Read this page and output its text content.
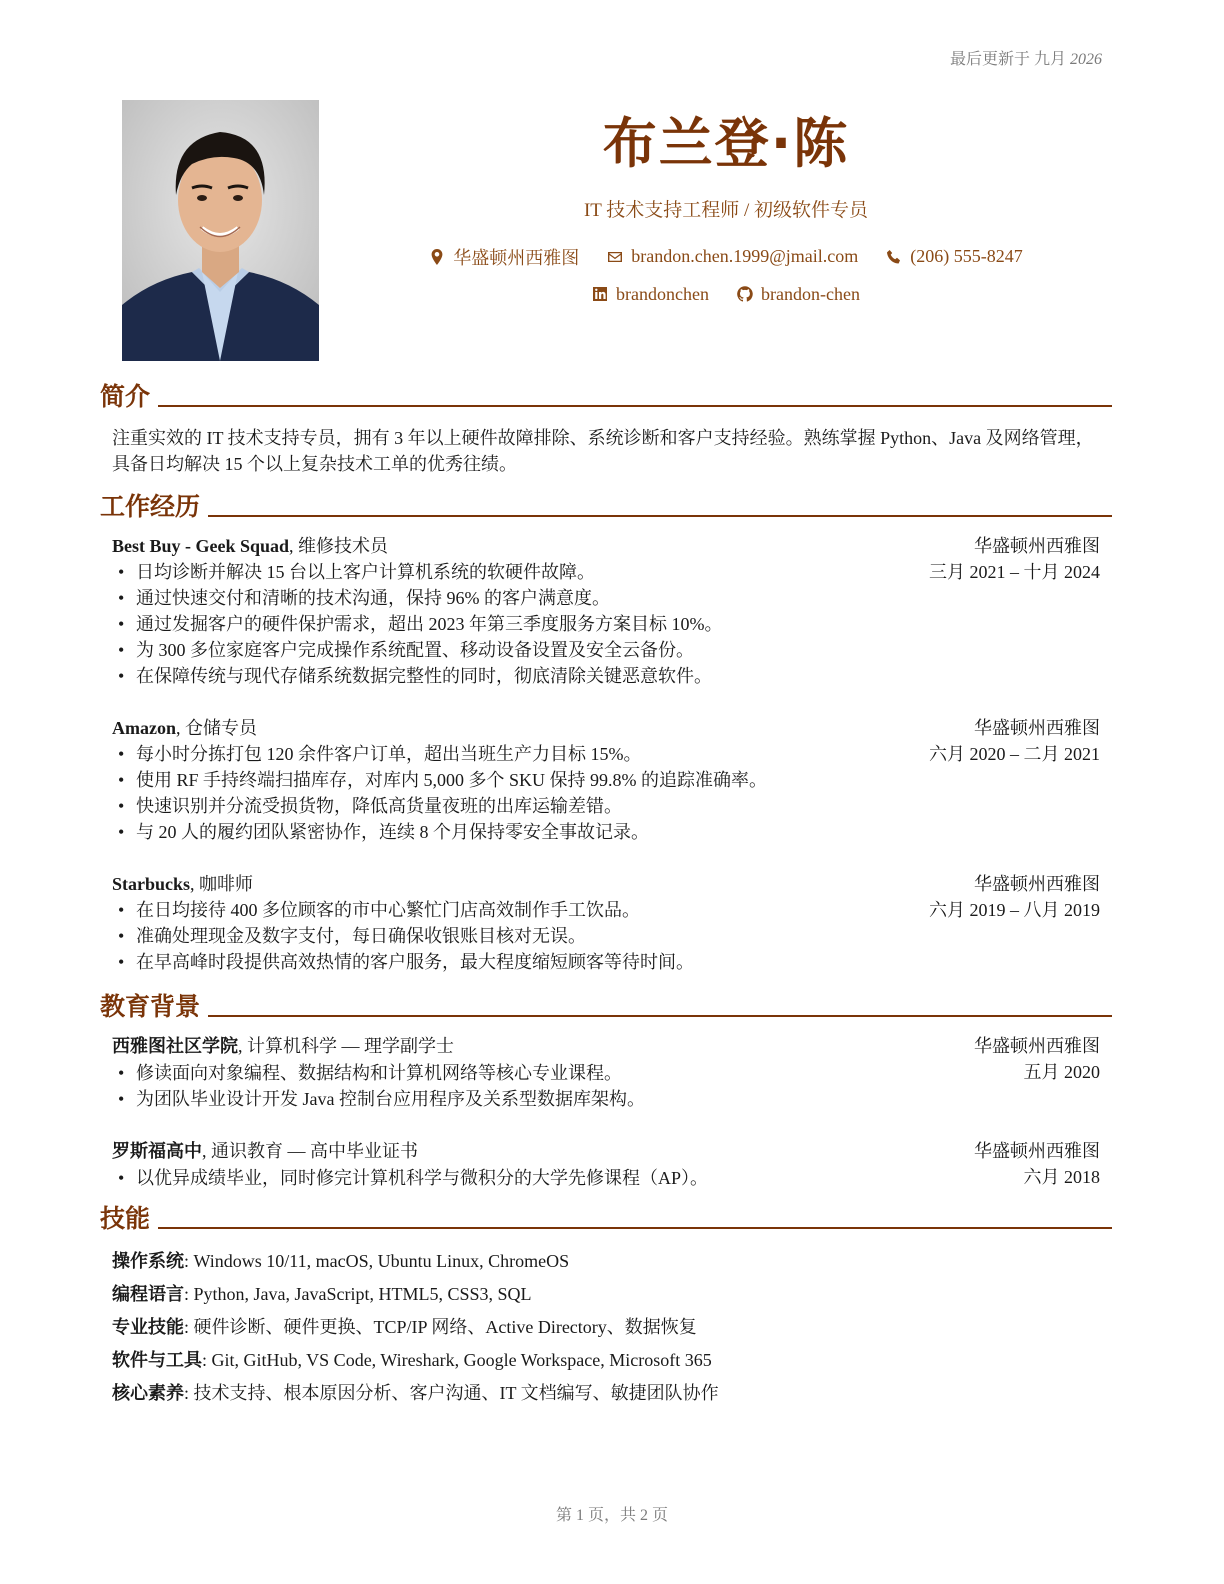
最后更新于 九月 2026
布兰登·陈
IT 技术支持工程师 / 初级软件专员
华盛顿州西雅图	brandon.chen.1999@jmail.com	(206) 555-8247
brandonchen	brandon-chen
简介
注重实效的 IT 技术支持专员，拥有 3 年以上硬件故障排除、系统诊断和客户支持经验。熟练掌握 Python、Java 及网络管理，具备日均解决 15 个以上复杂技术工单的优秀往绩。
工作经历
Best Buy - Geek Squad, 维修技术员
• 日均诊断并解决 15 台以上客户计算机系统的软硬件故障。
• 通过快速交付和清晰的技术沟通，保持 96% 的客户满意度。
• 通过发掘客户的硬件保护需求，超出 2023 年第三季度服务方案目标 10%。
• 为 300 多位家庭客户完成操作系统配置、移动设备设置及安全云备份。
• 在保障传统与现代存储系统数据完整性的同时，彻底清除关键恶意软件。
华盛顿州西雅图
三月 2021 – 十月 2024
Amazon, 仓储专员
• 每小时分拣打包 120 余件客户订单，超出当班生产力目标 15%。
• 使用 RF 手持终端扫描库存，对库内 5,000 多个 SKU 保持 99.8% 的追踪准确率。
• 快速识别并分流受损货物，降低高货量夜班的出库运输差错。
• 与 20 人的履约团队紧密协作，连续 8 个月保持零安全事故记录。
华盛顿州西雅图
六月 2020 – 二月 2021
Starbucks, 咖啡师
• 在日均接待 400 多位顾客的市中心繁忙门店高效制作手工饮品。
• 准确处理现金及数字支付，每日确保收银账目核对无误。
• 在早高峰时段提供高效热情的客户服务，最大程度缩短顾客等待时间。
华盛顿州西雅图
六月 2019 – 八月 2019
教育背景
西雅图社区学院, 计算机科学 — 理学副学士
• 修读面向对象编程、数据结构和计算机网络等核心专业课程。
• 为团队毕业设计开发 Java 控制台应用程序及关系型数据库架构。
华盛顿州西雅图
五月 2020
罗斯福高中, 通识教育 — 高中毕业证书
• 以优异成绩毕业，同时修完计算机科学与微积分的大学先修课程（AP）。
华盛顿州西雅图
六月 2018
技能
操作系统: Windows 10/11, macOS, Ubuntu Linux, ChromeOS
编程语言: Python, Java, JavaScript, HTML5, CSS3, SQL
专业技能: 硬件诊断、硬件更换、TCP/IP 网络、Active Directory、数据恢复
软件与工具: Git, GitHub, VS Code, Wireshark, Google Workspace, Microsoft 365
核心素养: 技术支持、根本原因分析、客户沟通、IT 文档编写、敏捷团队协作
第 1 页，共 2 页
